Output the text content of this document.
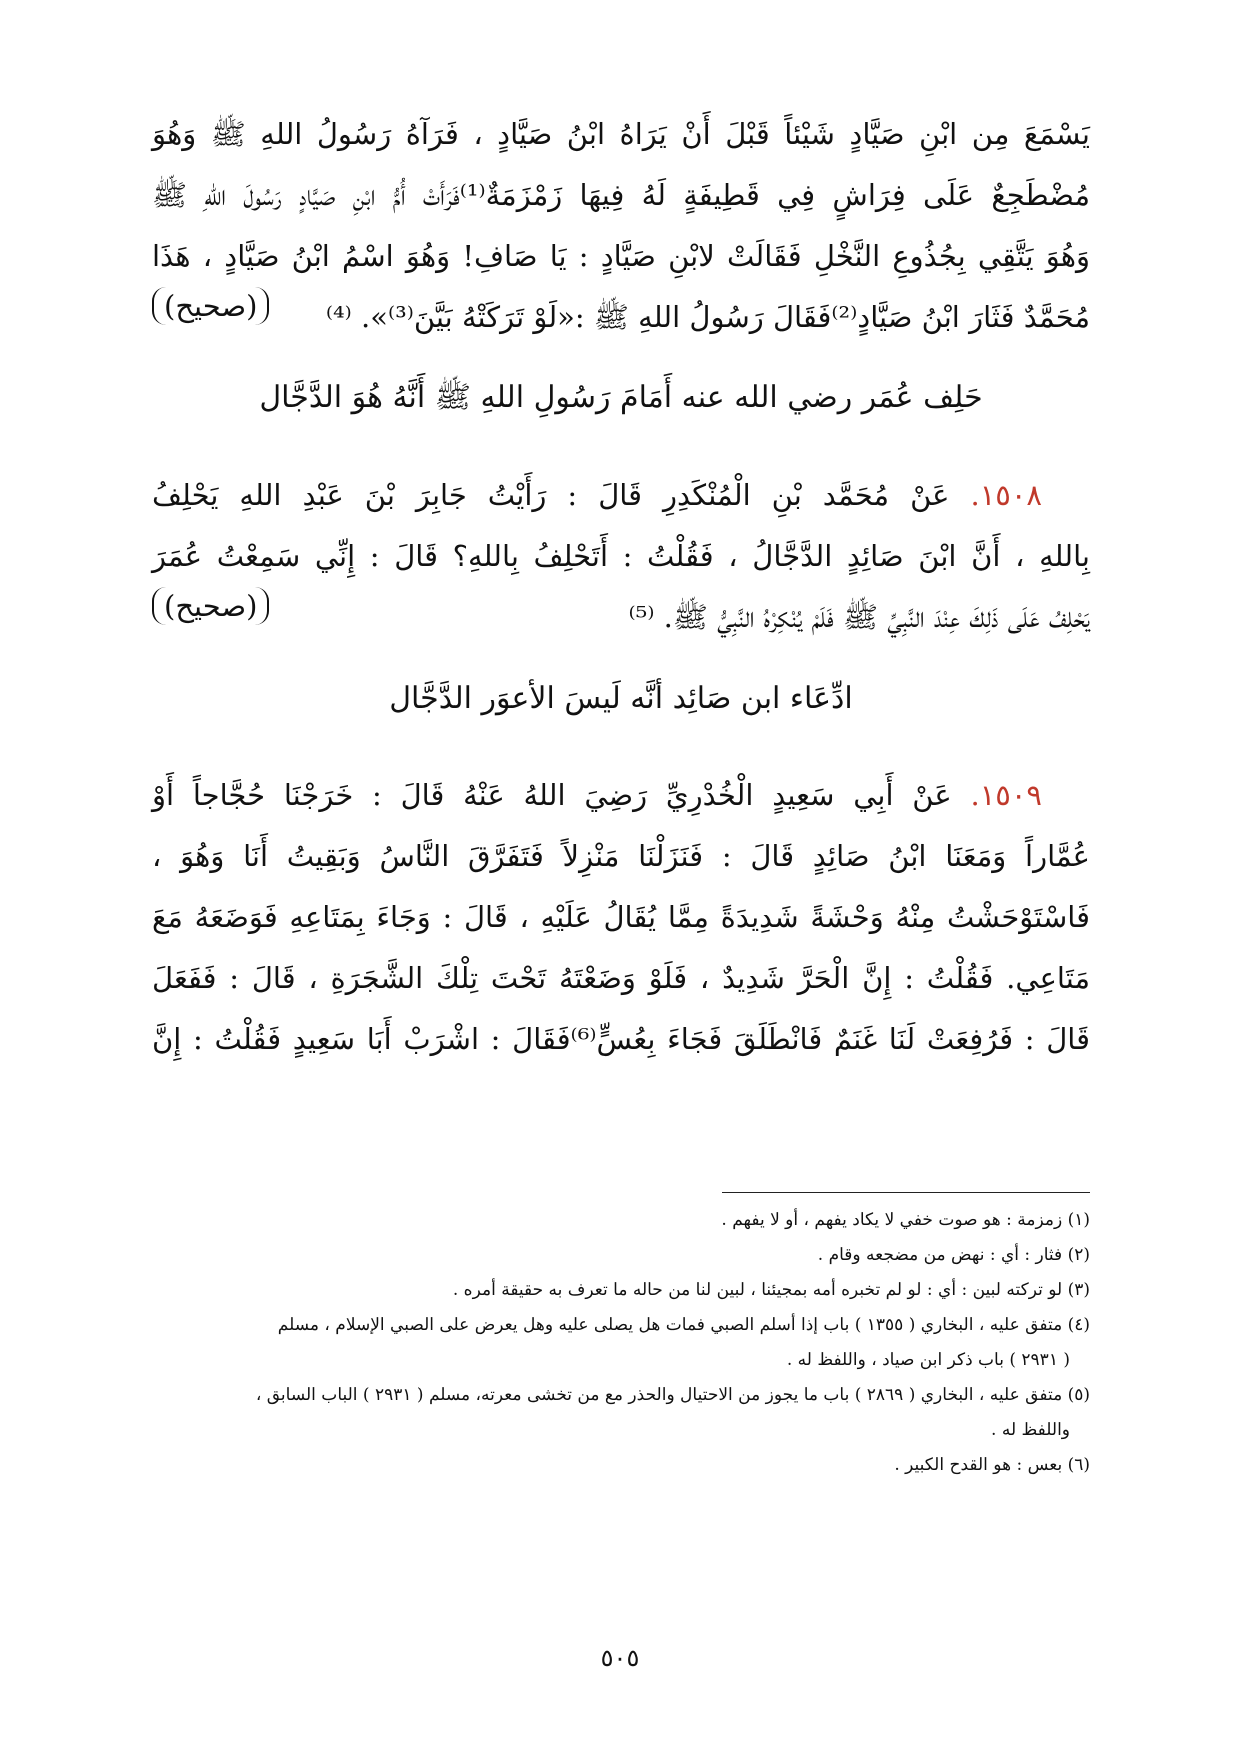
يَسْمَعَ مِن ابْنِ صَيَّادٍ شَيْئاً قَبْلَ أَنْ يَرَاهُ ابْنُ صَيَّادٍ ، فَرَآهُ رَسُولُ اللهِ ﷺ وَهُوَ
مُضْطَجِعٌ عَلَى فِرَاشٍ فِي قَطِيفَةٍ لَهُ فِيهَا زَمْزَمَةٌ⁽¹⁾فَرَأَتْ أُمُّ ابْنِ صَيَّادٍ رَسُولَ اللهِ ﷺ
وَهُوَ يَتَّقِي بِجُذُوعِ النَّخْلِ فَقَالَتْ لابْنِ صَيَّادٍ : يَا صَافِ! وَهُوَ اسْمُ ابْنُ صَيَّادٍ ، هَذَا
مُحَمَّدٌ فَثَارَ ابْنُ صَيَّادٍ⁽²⁾فَقَالَ رَسُولُ اللهِ ﷺ :«لَوْ تَرَكَتْهُ بَيَّنَ⁽³⁾». ⁽⁴⁾
(صحيح)
حَلِف عُمَر رضي الله عنه أَمَامَ رَسُولِ اللهِ ﷺ أَنَّهُ هُوَ الدَّجَّال
١٥٠٨. عَنْ مُحَمَّد بْنِ الْمُنْكَدِرِ قَالَ : رَأَيْتُ جَابِرَ بْنَ عَبْدِ اللهِ يَحْلِفُ
بِاللهِ ، أَنَّ ابْنَ صَائِدٍ الدَّجَّالُ ، فَقُلْتُ : أَتَحْلِفُ بِاللهِ؟ قَالَ : إِنِّي سَمِعْتُ عُمَرَ
يَحْلِفُ عَلَى ذَلِكَ عِنْدَ النَّبِيِّ ﷺ فَلَمْ يُنْكِرْهُ النَّبِيُّ ﷺ. ⁽⁵⁾
(صحيح)
ادِّعَاء ابن صَائِد أنَّه لَيسَ الأعوَر الدَّجَّال
١٥٠٩. عَنْ أَبِي سَعِيدٍ الْخُدْرِيِّ رَضِيَ اللهُ عَنْهُ قَالَ : خَرَجْنَا حُجَّاجاً أَوْ
عُمَّاراً وَمَعَنَا ابْنُ صَائِدٍ قَالَ : فَنَزَلْنَا مَنْزِلاً فَتَفَرَّقَ النَّاسُ وَبَقِيتُ أَنَا وَهُوَ ،
فَاسْتَوْحَشْتُ مِنْهُ وَحْشَةً شَدِيدَةً مِمَّا يُقَالُ عَلَيْهِ ، قَالَ : وَجَاءَ بِمَتَاعِهِ فَوَضَعَهُ مَعَ
مَتَاعِي. فَقُلْتُ : إِنَّ الْحَرَّ شَدِيدٌ ، فَلَوْ وَضَعْتَهُ تَحْتَ تِلْكَ الشَّجَرَةِ ، قَالَ : فَفَعَلَ
قَالَ : فَرُفِعَتْ لَنَا غَنَمٌ فَانْطَلَقَ فَجَاءَ بِعُسٍّ⁽⁶⁾فَقَالَ : اشْرَبْ أَبَا سَعِيدٍ فَقُلْتُ : إِنَّ
(١) زمزمة : هو صوت خفي لا يكاد يفهم ، أو لا يفهم .
(٢) فثار : أي : نهض من مضجعه وقام .
(٣) لو تركته لبين : أي : لو لم تخبره أمه بمجيئنا ، لبين لنا من حاله ما تعرف به حقيقة أمره .
(٤) متفق عليه ، البخاري ( ١٣٥٥ ) باب إذا أسلم الصبي فمات هل يصلى عليه وهل يعرض على الصبي الإسلام ، مسلم
( ٢٩٣١ ) باب ذكر ابن صياد ، واللفظ له .
(٥) متفق عليه ، البخاري ( ٢٨٦٩ ) باب ما يجوز من الاحتيال والحذر مع من تخشى معرته، مسلم ( ٢٩٣١ ) الباب السابق ،
واللفظ له .
(٦) بعس : هو القدح الكبير .
٥٠٥
